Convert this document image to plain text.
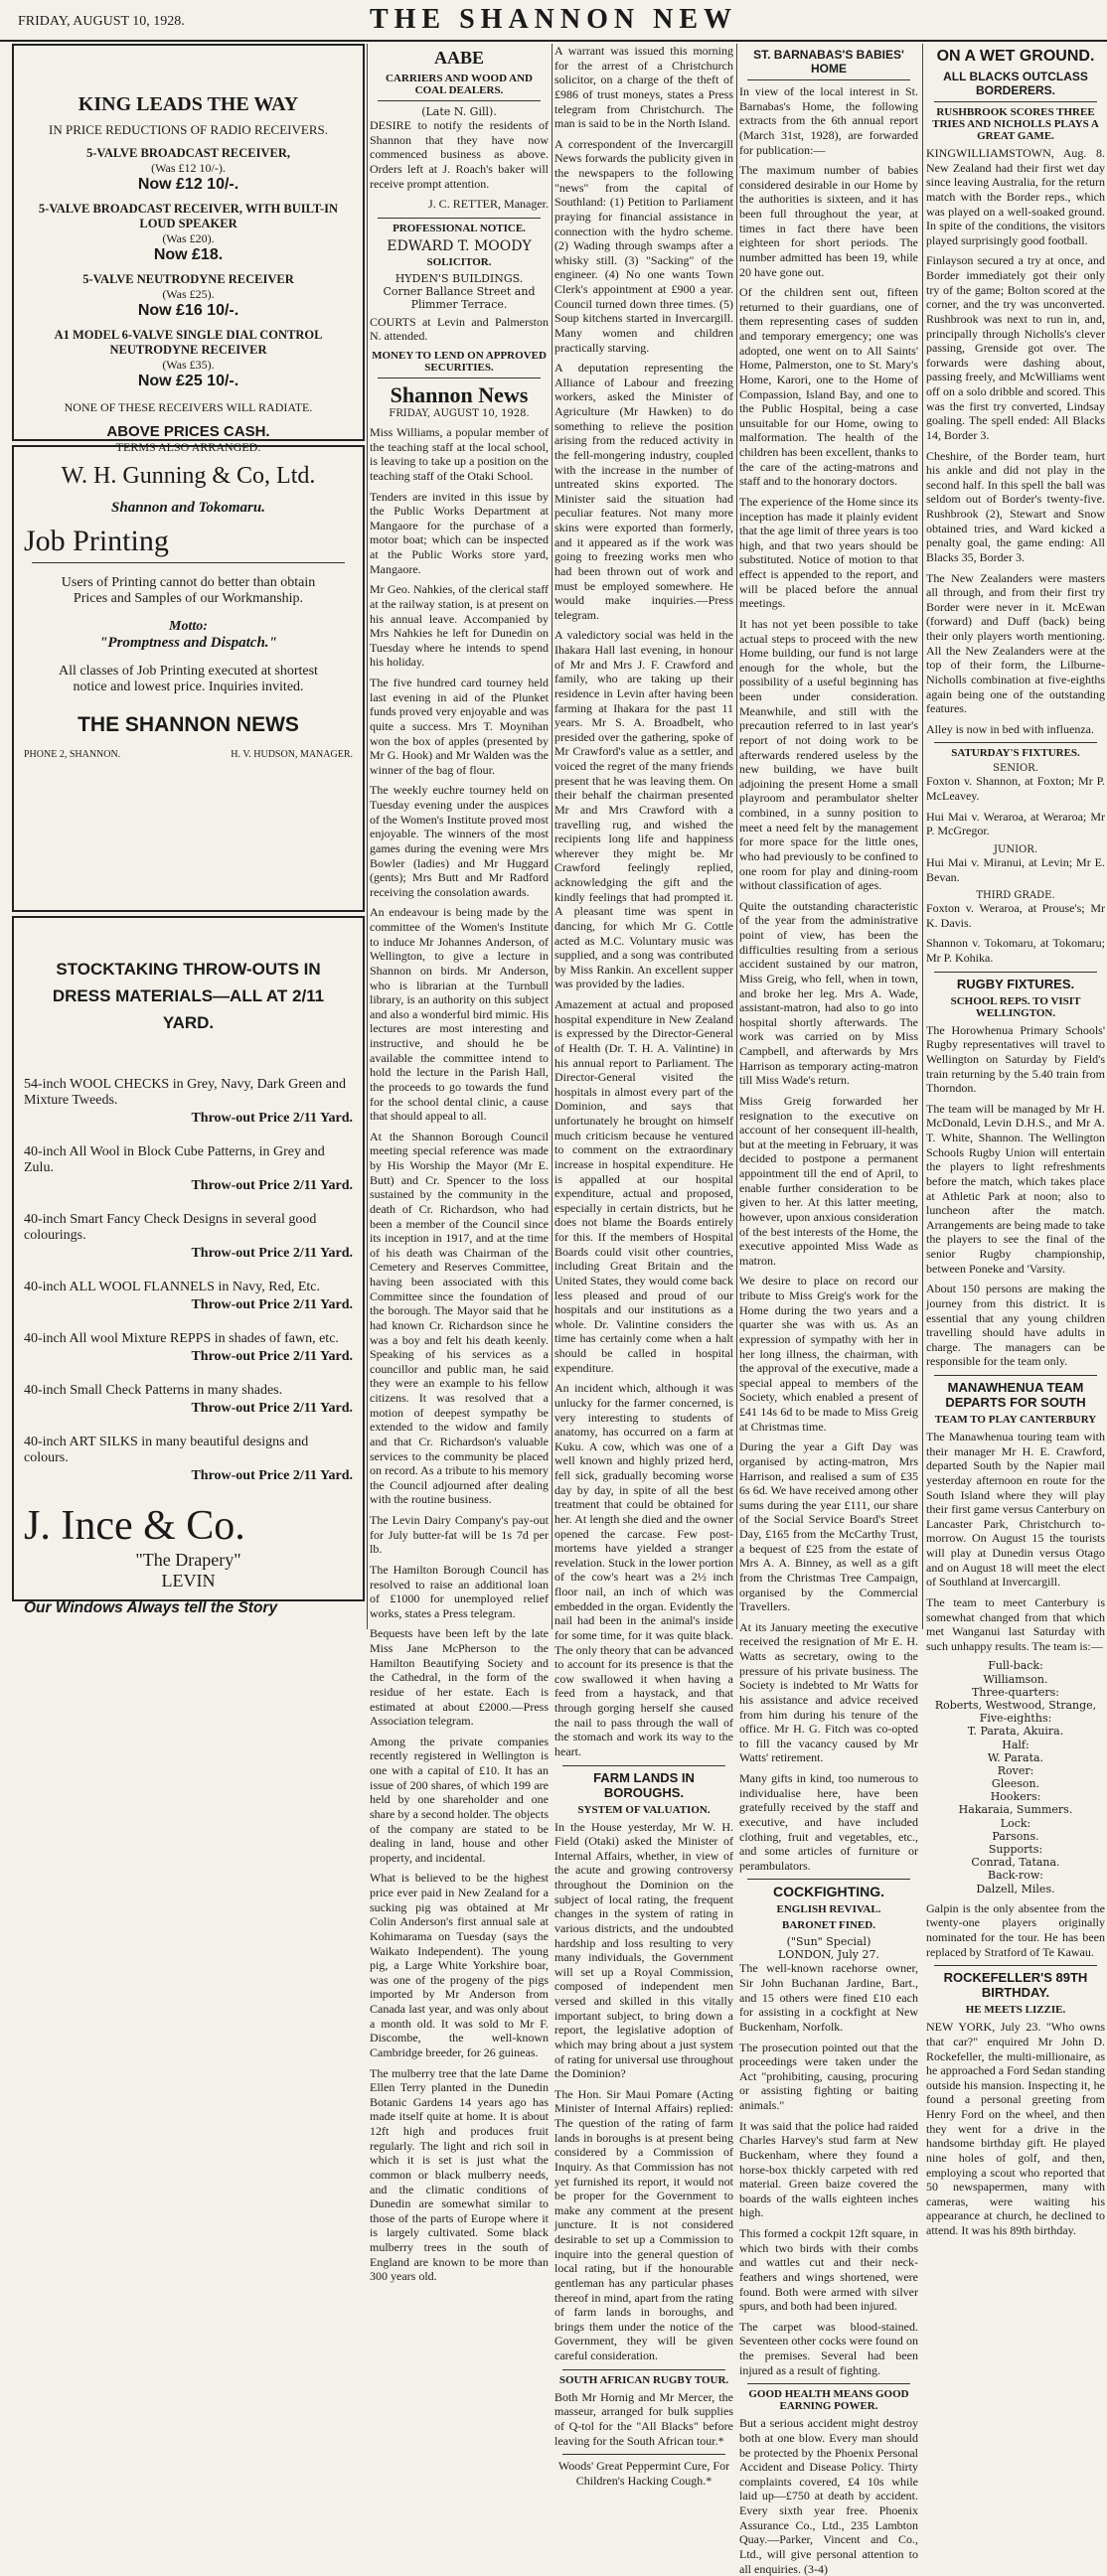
FRIDAY, AUGUST 10, 1928.	THE SHANNON NEW
KING LEADS THE WAY
IN PRICE REDUCTIONS OF RADIO RECEIVERS.
5-VALVE BROADCAST RECEIVER,
(Was £12 10/-).
Now £12 10/-.
5-VALVE BROADCAST RECEIVER, WITH BUILT-IN LOUD SPEAKER
(Was £20).
Now £18.
5-VALVE NEUTRODYNE RECEIVER
(Was £25).
Now £16 10/-.
A1 MODEL 6-VALVE SINGLE DIAL CONTROL NEUTRODYNE RECEIVER
(Was £35).
Now £25 10/-.
NONE OF THESE RECEIVERS WILL RADIATE.
ABOVE PRICES CASH.
TERMS ALSO ARRANGED.
W. H. Gunning & Co, Ltd.
Shannon and Tokomaru.
Job Printing
Users of Printing cannot do better than obtain Prices and Samples of our Workmanship.
Motto:
"Promptness and Dispatch."
All classes of Job Printing executed at shortest notice and lowest price. Inquiries invited.
THE SHANNON NEWS
PHONE 2, SHANNON.	H. V. HUDSON, MANAGER.
STOCKTAKING THROW-OUTS IN DRESS MATERIALS—ALL AT 2/11 YARD.
54-inch WOOL CHECKS in Grey, Navy, Dark Green and Mixture Tweeds.
Throw-out Price 2/11 Yard.
40-inch All Wool in Block Cube Patterns, in Grey and Zulu.
Throw-out Price 2/11 Yard.
40-inch Smart Fancy Check Designs in several good colourings.
Throw-out Price 2/11 Yard.
40-inch ALL WOOL FLANNELS in Navy, Red, Etc.
Throw-out Price 2/11 Yard.
40-inch All wool Mixture REPPS in shades of fawn, etc.
Throw-out Price 2/11 Yard.
40-inch Small Check Patterns in many shades.
Throw-out Price 2/11 Yard.
40-inch ART SILKS in many beautiful designs and colours.
Throw-out Price 2/11 Yard.
J. Ince & Co.
"The Drapery"
LEVIN
Our Windows Always tell the Story
AABE
CARRIERS AND WOOD AND COAL DEALERS.
(Late N. Gill).

DESIRE to notify the residents of Shannon that they have now commenced business as above. Orders left at J. Roach's baker will receive prompt attention.

J. C. RETTER, Manager.
PROFESSIONAL NOTICE.
EDWARD T. MOODY
SOLICITOR.
HYDEN'S BUILDINGS.
Corner Ballance Street and Plimmer Terrace.
COURTS at Levin and Palmerston N. attended.
MONEY TO LEND ON APPROVED SECURITIES.
Shannon News
FRIDAY, AUGUST 10, 1928.

Miss Williams, a popular member of the teaching staff at the local school, is leaving to take up a position on the teaching staff of the Otaki School.

Tenders are invited in this issue by the Public Works Department at Mangaore for the purchase of a motor boat; which can be inspected at the Public Works store yard, Mangaore.

Mr Geo. Nahkies, of the clerical staff at the railway station, is at present on his annual leave. Accompanied by Mrs Nahkies he left for Dunedin on Tuesday where he intends to spend his holiday.

The five hundred card tourney held last evening in aid of the Plunket funds proved very enjoyable and was quite a success. Mrs T. Moynihan won the box of apples (presented by Mr G. Hook) and Mr Walden was the winner of the bag of flour.

The weekly euchre tourney held on Tuesday evening under the auspices of the Women's Institute proved most enjoyable. The winners of the most games during the evening were Mrs Bowler (ladies) and Mr Huggard (gents); Mrs Butt and Mr Radford receiving the consolation awards.

An endeavour is being made by the committee of the Women's Institute to induce Mr Johannes Anderson, of Wellington, to give a lecture in Shannon on birds. Mr Anderson, who is librarian at the Turnbull library, is an authority on this subject and also a wonderful bird mimic. His lectures are most interesting and instructive, and should he be available the committee intend to hold the lecture in the Parish Hall, the proceeds to go towards the fund for the school dental clinic, a cause that should appeal to all.

At the Shannon Borough Council meeting special reference was made by His Worship the Mayor (Mr E. Butt) and Cr. Spencer to the loss sustained by the community in the death of Cr. Richardson, who had been a member of the Council since its inception in 1917, and at the time of his death was Chairman of the Cemetery and Reserves Committee, having been associated with this Committee since the foundation of the borough. The Mayor said that he had known Cr. Richardson since he was a boy and felt his death keenly. Speaking of his services as a councillor and public man, he said they were an example to his fellow citizens. It was resolved that a motion of deepest sympathy be extended to the widow and family and that Cr. Richardson's valuable services to the community be placed on record. As a tribute to his memory the Council adjourned after dealing with the routine business.

The Levin Dairy Company's pay-out for July butter-fat will be 1s 7d per lb.

The Hamilton Borough Council has resolved to raise an additional loan of £1000 for unemployed relief works, states a Press telegram.

Bequests have been left by the late Miss Jane McPherson to the Hamilton Beautifying Society and the Cathedral, in the form of the residue of her estate. Each is estimated at about £2000.—Press Association telegram.

Among the private companies recently registered in Wellington is one with a capital of £10. It has an issue of 200 shares, of which 199 are held by one shareholder and one share by a second holder. The objects of the company are stated to be dealing in land, house and other property, and incidental.

What is believed to be the highest price ever paid in New Zealand for a sucking pig was obtained at Mr Colin Anderson's first annual sale at Kohimarama on Tuesday (says the Waikato Independent). The young pig, a Large White Yorkshire boar, was one of the progeny of the pigs imported by Mr Anderson from Canada last year, and was only about a month old. It was sold to Mr F. Discombe, the well-known Cambridge breeder, for 26 guineas.

The mulberry tree that the late Dame Ellen Terry planted in the Dunedin Botanic Gardens 14 years ago has made itself quite at home. It is about 12ft high and produces fruit regularly. The light and rich soil in which it is set is just what the common or black mulberry needs, and the climatic conditions of Dunedin are somewhat similar to those of the parts of Europe where it is largely cultivated. Some black mulberry trees in the south of England are known to be more than 300 years old.

A warrant was issued this morning for the arrest of a Christchurch solicitor, on a charge of the theft of £986 of trust moneys, states a Press telegram from Christchurch. The man is said to be in the North Island.

A correspondent of the Invercargill News forwards the publicity given in the newspapers to the following "news" from the capital of Southland: (1) Petition to Parliament praying for financial assistance in connection with the hydro scheme. (2) Wading through swamps after a whisky still. (3) "Sacking" of the engineer. (4) No one wants Town Clerk's appointment at £900 a year. Council turned down three times. (5) Soup kitchens started in Invercargill. Many women and children practically starving.

A deputation representing the Alliance of Labour and freezing workers, asked the Minister of Agriculture (Mr Hawken) to do something to relieve the position arising from the reduced activity in the fell-mongering industry, coupled with the increase in the number of untreated skins exported. The Minister said the situation had peculiar features. Not many more skins were exported than formerly, and it appeared as if the work was going to freezing works men who had been thrown out of work and must be employed somewhere. He would make inquiries.—Press telegram.

A valedictory social was held in the Ihakara Hall last evening, in honour of Mr and Mrs J. F. Crawford and family, who are taking up their residence in Levin after having been farming at Ihakara for the past 11 years. Mr S. A. Broadbelt, who presided over the gathering, spoke of Mr Crawford's value as a settler, and voiced the regret of the many friends present that he was leaving them. On their behalf the chairman presented Mr and Mrs Crawford with a travelling rug, and wished the recipients long life and happiness wherever they might be. Mr Crawford feelingly replied, acknowledging the gift and the kindly feelings that had prompted it. A pleasant time was spent in dancing, for which Mr G. Cottle acted as M.C. Voluntary music was supplied, and a song was contributed by Miss Rankin. An excellent supper was provided by the ladies.

Amazement at actual and proposed hospital expenditure in New Zealand is expressed by the Director-General of Health (Dr. T. H. A. Valintine) in his annual report to Parliament. The Director-General visited the hospitals in almost every part of the Dominion, and says that unfortunately he brought on himself much criticism because he ventured to comment on the extraordinary increase in hospital expenditure. He is appalled at our hospital expenditure, actual and proposed, especially in certain districts, but he does not blame the Boards entirely for this. If the members of Hospital Boards could visit other countries, including Great Britain and the United States, they would come back less pleased and proud of our hospitals and our institutions as a whole. Dr. Valintine considers the time has certainly come when a halt should be called in hospital expenditure.

An incident which, although it was unlucky for the farmer concerned, is very interesting to students of anatomy, has occurred on a farm at Kuku. A cow, which was one of a well known and highly prized herd, fell sick, gradually becoming worse day by day, in spite of all the best treatment that could be obtained for her. At length she died and the owner opened the carcase. Few post-mortems have yielded a stranger revelation. Stuck in the lower portion of the cow's heart was a 2½ inch floor nail, an inch of which was embedded in the organ. Evidently the nail had been in the animal's inside for some time, for it was quite black. The only theory that can be advanced to account for its presence is that the cow swallowed it when having a feed from a haystack, and that through gorging herself she caused the nail to pass through the wall of the stomach and work its way to the heart.

FARM LANDS IN BOROUGHS.
SYSTEM OF VALUATION.

In the House yesterday, Mr W. H. Field (Otaki) asked the Minister of Internal Affairs, whether, in view of the acute and growing controversy throughout the Dominion on the subject of local rating, the frequent changes in the system of rating in various districts, and the undoubted hardship and loss resulting to very many individuals, the Government will set up a Royal Commission, composed of independent men versed and skilled in this vitally important subject, to bring down a report, the legislative adoption of which may bring about a just system of rating for universal use throughout the Dominion?

The Hon. Sir Maui Pomare (Acting Minister of Internal Affairs) replied: The question of the rating of farm lands in boroughs is at present being considered by a Commission of Inquiry. As that Commission has not yet furnished its report, it would not be proper for the Government to make any comment at the present juncture. It is not considered desirable to set up a Commission to inquire into the general question of local rating, but if the honourable gentleman has any particular phases thereof in mind, apart from the rating of farm lands in boroughs, and brings them under the notice of the Government, they will be given careful consideration.

SOUTH AFRICAN RUGBY TOUR.

Both Mr Hornig and Mr Mercer, the masseur, arranged for bulk supplies of Q-tol for the "All Blacks" before leaving for the South African tour.*

Woods' Great Peppermint Cure, For Children's Hacking Cough.*

ST. BARNABAS'S BABIES' HOME

In view of the local interest in St. Barnabas's Home, the following extracts from the 6th annual report (March 31st, 1928), are forwarded for publication:—

The maximum number of babies considered desirable in our Home by the authorities is sixteen, and it has been full throughout the year, at times in fact there have been eighteen for short periods. The number admitted has been 19, while 20 have gone out.

Of the children sent out, fifteen returned to their guardians, one of them representing cases of sudden and temporary emergency; one was adopted, one went on to All Saints' Home, Palmerston, one to St. Mary's Home, Karori, one to the Home of Compassion, Island Bay, and one to the Public Hospital, being a case unsuitable for our Home, owing to malformation. The health of the children has been excellent, thanks to the care of the acting-matrons and staff and to the honorary doctors.

The experience of the Home since its inception has made it plainly evident that the age limit of three years is too high, and that two years should be substituted. Notice of motion to that effect is appended to the report, and will be placed before the annual meetings.

It has not yet been possible to take actual steps to proceed with the new Home building, our fund is not large enough for the whole, but the possibility of a useful beginning has been under consideration. Meanwhile, and still with the precaution referred to in last year's report of not doing work to be afterwards rendered useless by the new building, we have built adjoining the present Home a small playroom and perambulator shelter combined, in a sunny position to meet a need felt by the management for more space for the little ones, who had previously to be confined to one room for play and dining-room without classification of ages.

Quite the outstanding characteristic of the year from the administrative point of view, has been the difficulties resulting from a serious accident sustained by our matron, Miss Greig, who fell, when in town, and broke her leg. Mrs A. Wade, assistant-matron, had also to go into hospital shortly afterwards. The work was carried on by Miss Campbell, and afterwards by Mrs Harrison as temporary acting-matron till Miss Wade's return.

Miss Greig forwarded her resignation to the executive on account of her consequent ill-health, but at the meeting in February, it was decided to postpone a permanent appointment till the end of April, to enable further consideration to be given to her. At this latter meeting, however, upon anxious consideration of the best interests of the Home, the executive appointed Miss Wade as matron.

We desire to place on record our tribute to Miss Greig's work for the Home during the two years and a quarter she was with us. As an expression of sympathy with her in her long illness, the chairman, with the approval of the executive, made a special appeal to members of the Society, which enabled a present of £41 14s 6d to be made to Miss Greig at Christmas time.

During the year a Gift Day was organised by acting-matron, Mrs Harrison, and realised a sum of £35 6s 6d. We have received among other sums during the year £111, our share of the Social Service Board's Street Day, £165 from the McCarthy Trust, a bequest of £25 from the estate of Mrs A. A. Binney, as well as a gift from the Christmas Tree Campaign, organised by the Commercial Travellers.

At its January meeting the executive received the resignation of Mr E. H. Watts as secretary, owing to the pressure of his private business. The Society is indebted to Mr Watts for his assistance and advice received from him during his tenure of the office. Mr H. G. Fitch was co-opted to fill the vacancy caused by Mr Watts' retirement.

Many gifts in kind, too numerous to individualise here, have been gratefully received by the staff and executive, and have included clothing, fruit and vegetables, etc., and some articles of furniture or perambulators.

COCKFIGHTING.
ENGLISH REVIVAL.
BARONET FINED.
("Sun" Special)
LONDON, July 27.

The well-known racehorse owner, Sir John Buchanan Jardine, Bart., and 15 others were fined £10 each for assisting in a cockfight at New Buckenham, Norfolk.

The prosecution pointed out that the proceedings were taken under the Act "prohibiting, causing, procuring or assisting fighting or baiting animals."

It was said that the police had raided Charles Harvey's stud farm at New Buckenham, where they found a horse-box thickly carpeted with red material. Green baize covered the boards of the walls eighteen inches high.

This formed a cockpit 12ft square, in which two birds with their combs and wattles cut and their neck-feathers and wings shortened, were found. Both were armed with silver spurs, and both had been injured.

The carpet was blood-stained. Seventeen other cocks were found on the premises. Several had been injured as a result of fighting.

GOOD HEALTH MEANS GOOD EARNING POWER.

But a serious accident might destroy both at one blow. Every man should be protected by the Phoenix Personal Accident and Disease Policy. Thirty complaints covered, £4 10s while laid up—£750 at death by accident. Every sixth year free. Phoenix Assurance Co., Ltd., 235 Lambton Quay.—Parker, Vincent and Co., Ltd., will give personal attention to all enquiries. (3-4)

ON A WET GROUND.
ALL BLACKS OUTCLASS BORDERERS.
RUSHBROOK SCORES THREE TRIES AND NICHOLLS PLAYS A GREAT GAME.

KINGWILLIAMSTOWN, Aug. 8. New Zealand had their first wet day since leaving Australia, for the return match with the Border reps., which was played on a well-soaked ground. In spite of the conditions, the visitors played surprisingly good football.

Finlayson secured a try at once, and Border immediately got their only try of the game; Bolton scored at the corner, and the try was unconverted. Rushbrook was next to run in, and, principally through Nicholls's clever passing, Grenside got over. The forwards were dashing about, passing freely, and McWilliams went off on a solo dribble and scored. This was the first try converted, Lindsay goaling. The spell ended: All Blacks 14, Border 3.

Cheshire, of the Border team, hurt his ankle and did not play in the second half. In this spell the ball was seldom out of Border's twenty-five. Rushbrook (2), Stewart and Snow obtained tries, and Ward kicked a penalty goal, the game ending: All Blacks 35, Border 3.

The New Zealanders were masters all through, and from their first try Border were never in it. McEwan (forward) and Duff (back) being their only players worth mentioning. All the New Zealanders were at the top of their form, the Lilburne-Nicholls combination at five-eighths again being one of the outstanding features.

Alley is now in bed with influenza.

SATURDAY'S FIXTURES.
SENIOR.

Foxton v. Shannon, at Foxton; Mr P. McLeavey.

Hui Mai v. Weraroa, at Weraroa; Mr P. McGregor.

JUNIOR.

Hui Mai v. Miranui, at Levin; Mr E. Bevan.

THIRD GRADE.

Foxton v. Weraroa, at Prouse's; Mr K. Davis.

Shannon v. Tokomaru, at Tokomaru; Mr P. Kohika.

RUGBY FIXTURES.
SCHOOL REPS. TO VISIT WELLINGTON.

The Horowhenua Primary Schools' Rugby representatives will travel to Wellington on Saturday by Field's train returning by the 5.40 train from Thorndon.

The team will be managed by Mr H. McDonald, Levin D.H.S., and Mr A. T. White, Shannon. The Wellington Schools Rugby Union will entertain the players to light refreshments before the match, which takes place at Athletic Park at noon; also to luncheon after the match. Arrangements are being made to take the players to see the final of the senior Rugby championship, between Poneke and 'Varsity.

About 150 persons are making the journey from this district. It is essential that any young children travelling should have adults in charge. The managers can be responsible for the team only.

MANAWHENUA TEAM DEPARTS FOR SOUTH
TEAM TO PLAY CANTERBURY

The Manawhenua touring team with their manager Mr H. E. Crawford, departed South by the Napier mail yesterday afternoon en route for the South Island where they will play their first game versus Canterbury on Lancaster Park, Christchurch to-morrow. On August 15 the tourists will play at Dunedin versus Otago and on August 18 will meet the elect of Southland at Invercargill.

The team to meet Canterbury is somewhat changed from that which met Wanganui last Saturday with such unhappy results. The team is:—

Full-back:
Williamson.
Three-quarters:
Roberts, Westwood, Strange,
Five-eighths:
T. Parata, Akuira.
Half:
W. Parata.
Rover:
Gleeson.
Hookers:
Hakaraia, Summers.
Lock:
Parsons.
Supports:
Conrad, Tatana.
Back-row:
Dalzell, Miles.

Galpin is the only absentee from the twenty-one players originally nominated for the tour. He has been replaced by Stratford of Te Kawau.

ROCKEFELLER'S 89TH BIRTHDAY.
HE MEETS LIZZIE.

NEW YORK, July 23. "Who owns that car?" enquired Mr John D. Rockefeller, the multi-millionaire, as he approached a Ford Sedan standing outside his mansion. Inspecting it, he found a personal greeting from Henry Ford on the wheel, and then they went for a drive in the handsome birthday gift. He played nine holes of golf, and then, employing a scout who reported that 50 newspapermen, many with cameras, were waiting his appearance at church, he declined to attend. It was his 89th birthday.
